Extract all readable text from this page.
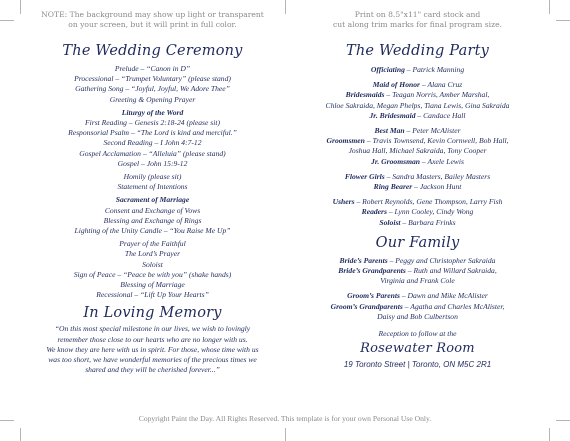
NOTE: The background may show up light or transparent

on your screen, but it will print in full color.

The Wedding Ceremony

Prelude – “Canon in D”

Processional – “Trumpet Voluntary” (please stand)

Gathering Song – “Joyful, Joyful, We Adore Thee”

Greeting & Opening Prayer

Liturgy of the Word

First Reading – Genesis 2:18-24 (please sit)

Responsorial Psalm – “The Lord is kind and merciful.”

Second Reading – I John 4:7-12

Gospel Acclamation – “Alleluia” (please stand)

Gospel – John 15:9-12

Homily (please sit)

Statement of Intentions

Sacrament of Marriage

Consent and Exchange of Vows

Blessing and Exchange of Rings

Lighting of the Unity Candle – “You Raise Me Up”

Prayer of the Faithful

The Lord’s Prayer

Soloist

Sign of Peace – “Peace be with you” (shake hands)

Blessing of Marriage

Recessional – “Lift Up Your Hearts”

In Loving Memory

“On this most special milestone in our lives, we wish to lovingly

remember those close to our hearts who are no longer with us.

We know they are here with us in spirit. For those, whose time with us

was too short, we have wonderful memories of the precious times we

shared and they will be cherished forever...”

Print on 8.5"x11" card stock and

cut along trim marks for final program size.

The Wedding Party

Officiating – Patrick Manning

Maid of Honor – Alana Cruz

Bridesmaids – Teagan Norris, Amber Marshal,

Chloe Sakraida, Megan Phelps, Tiana Lewis, Gina Sakraida

Jr. Bridesmaid – Candace Hall

Best Man – Peter McAlister

Groomsmen – Travis Townsend, Kevin Cornwell, Bob Hall,

Joshua Hall, Michael Sakraida, Tony Cooper

Jr. Groomsman – Axele Lewis

Flower Girls – Sandra Masters, Bailey Masters

Ring Bearer – Jackson Hunt

Ushers – Robert Reynolds, Gene Thompson, Larry Fish

Readers – Lynn Cooley, Cindy Wong

Soloist – Barbara Frinks

Our Family

Bride’s Parents – Peggy and Christopher Sakraida

Bride’s Grandparents – Ruth and Willard Sakraida,

Virginia and Frank Cole

Groom’s Parents – Dawn and Mike McAlister

Groom’s Grandparents – Agatha and Charles McAlister,

Daisy and Bob Culbertson

Reception to follow at the

Rosewater Room

19 Toronto Street | Toronto, ON M5C 2R1

Copyright Paint the Day. All Rights Reserved. This template is for your own Personal Use Only.
